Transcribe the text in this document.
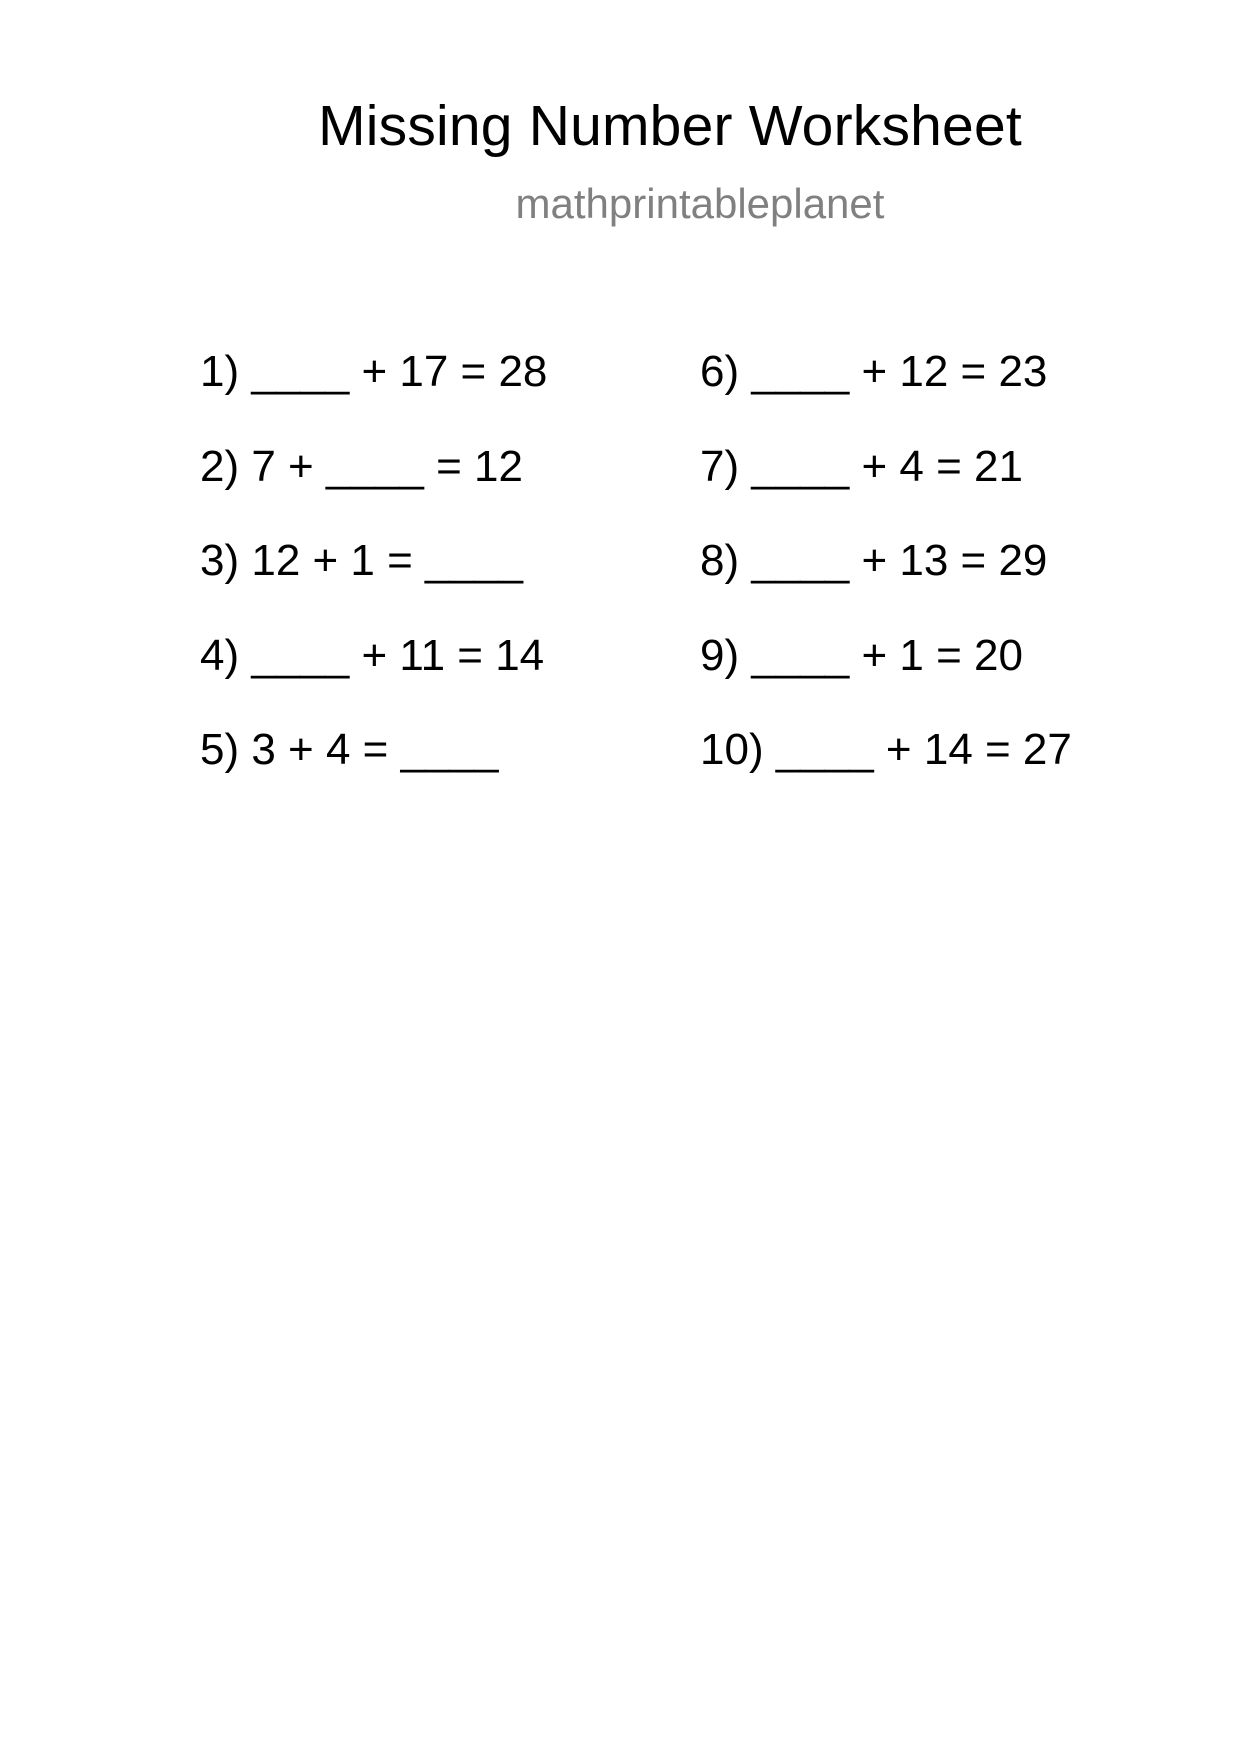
Missing Number Worksheet
mathprintableplanet
1) ____ + 17 = 28
2) 7 + ____ = 12
3) 12 + 1 = ____
4) ____ + 11 = 14
5) 3 + 4 = ____
6) ____ + 12 = 23
7) ____ + 4 = 21
8) ____ + 13 = 29
9) ____ + 1 = 20
10) ____ + 14 = 27
